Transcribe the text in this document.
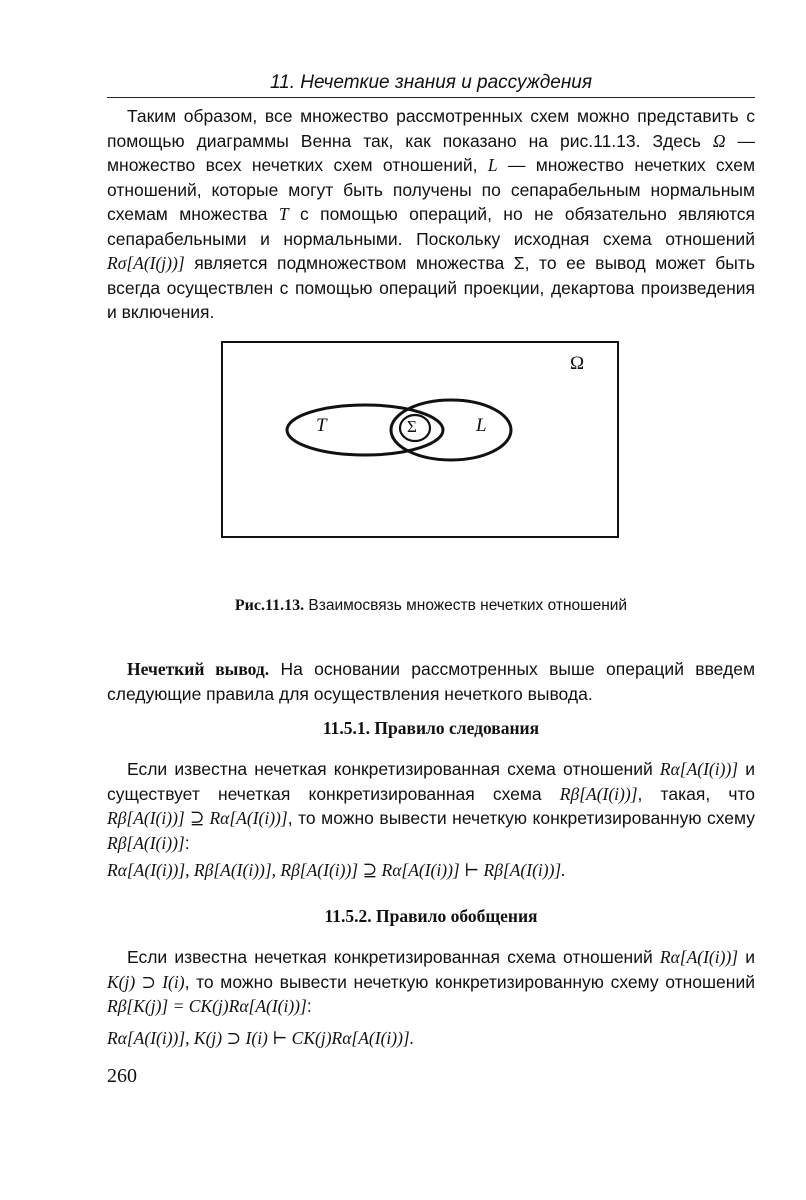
11. Нечеткие знания и рассуждения
Таким образом, все множество рассмотренных схем можно представить с помощью диаграммы Венна так, как показано на рис.11.13. Здесь Ω — множество всех нечетких схем отношений, L — множество нечетких схем отношений, которые могут быть получены по сепарабельным нормальным схемам множества T с помощью операций, но не обязательно являются сепарабельными и нормальными. Поскольку исходная схема отношений Rσ[A(I(j))] является подмножеством множества Σ, то ее вывод может быть всегда осуществлен с помощью операций проекции, декартова произведения и включения.
Ω
T	Σ	L
Рис.11.13. Взаимосвязь множеств нечетких отношений
Нечеткий вывод. На основании рассмотренных выше операций введем следующие правила для осуществления нечеткого вывода.
11.5.1. Правило следования
Если известна нечеткая конкретизированная схема отношений Rα[A(I(i))] и существует нечеткая конкретизированная схема Rβ[A(I(i))], такая, что Rβ[A(I(i))] ⊇ Rα[A(I(i))], то можно вывести нечеткую конкретизированную схему Rβ[A(I(i))]:
Rα[A(I(i))], Rβ[A(I(i))], Rβ[A(I(i))] ⊇ Rα[A(I(i))] ⊢ Rβ[A(I(i))].
11.5.2. Правило обобщения
Если известна нечеткая конкретизированная схема отношений Rα[A(I(i))] и K(j) ⊃ I(i), то можно вывести нечеткую конкретизированную схему отношений Rβ[K(j)] = CK(j)Rα[A(I(i))]:
Rα[A(I(i))], K(j) ⊃ I(i) ⊢ CK(j)Rα[A(I(i))].
260
